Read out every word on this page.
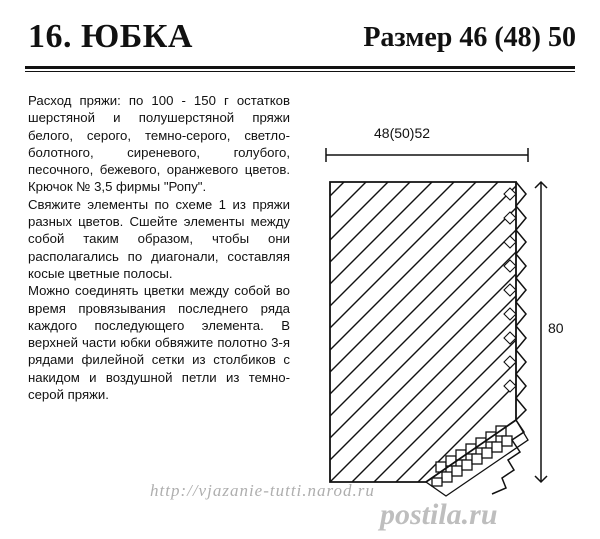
16. ЮБКА	Размер 46 (48) 50

Расход пряжи: по 100 - 150 г остатков шерстяной и полушерстяной пряжи белого, серого, темно-серого, светло-болотного, сиреневого, голубого, песочного, бежевого, оранжевого цветов. Крючок № 3,5 фирмы "Ропу".

Свяжите элементы по схеме 1 из пряжи разных цветов. Сшейте элементы между собой таким образом, чтобы они располагались по диагонали, составляя косые цветные полосы.

Можно соединять цветки между собой во время провязывания последнего ряда каждого последующего элемента. В верхней части юбки обвяжите полотно 3-я рядами филейной сетки из столбиков с накидом и воздушной петли из темно-серой пряжи.

48(50)52
80
http://vjazanie-tutti.narod.ru
postila.ru
